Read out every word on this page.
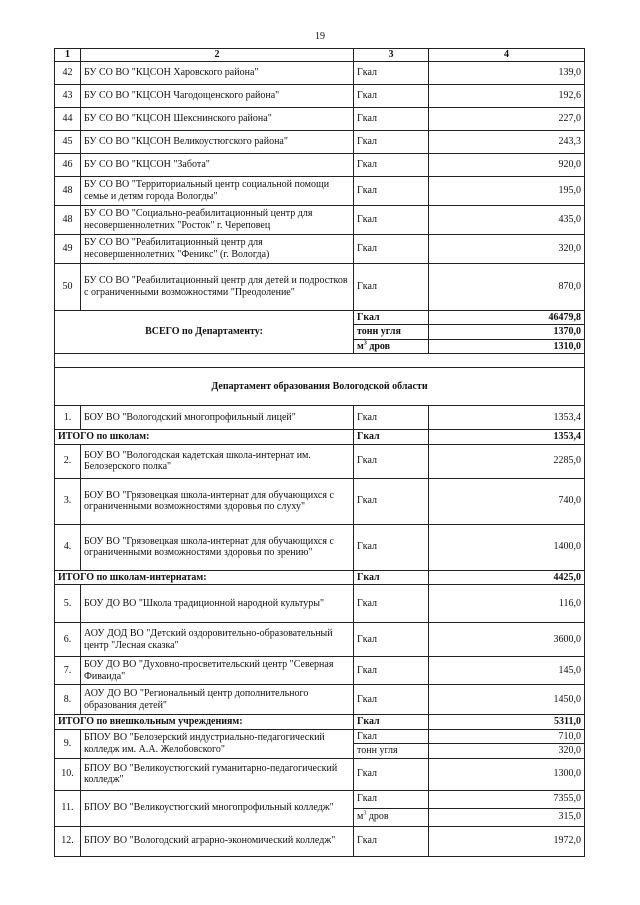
19
1	2	3	4
42	БУ СО ВО "КЦСОН Харовского района"	Гкал	139,0
43	БУ СО ВО "КЦСОН Чагодощенского района"	Гкал	192,6
44	БУ СО ВО "КЦСОН Шекснинского района"	Гкал	227,0
45	БУ СО ВО "КЦСОН Великоустюгского района"	Гкал	243,3
46	БУ СО ВО "КЦСОН "Забота"	Гкал	920,0
48	БУ СО ВО "Территориальный центр социальной помощи семье и детям города Вологды"	Гкал	195,0
48	БУ СО ВО "Социально-реабилитационный центр для несовершеннолетних "Росток" г. Череповец	Гкал	435,0
49	БУ СО ВО "Реабилитационный центр для несовершеннолетних "Феникс" (г. Вологда)	Гкал	320,0
50	БУ СО ВО "Реабилитационный центр для детей и подростков с ограниченными возможностями "Преодоление"	Гкал	870,0
ВСЕГО по Департаменту:		Гкал	46479,8
		тонн угля	1370,0
		$м^3$ дров	1310,0

Департамент образования Вологодской области			
1.	БОУ ВО "Вологодский многопрофильный лицей"	Гкал	1353,4
ИТОГО по школам:		Гкал	1353,4
2.	БОУ ВО "Вологодская кадетская школа-интернат им. Белозерского полка"	Гкал	2285,0
3.	БОУ ВО "Грязовецкая школа-интернат для обучающихся с ограниченными возможностями здоровья по слуху"	Гкал	740,0
4.	БОУ ВО "Грязовецкая школа-интернат для обучающихся с ограниченными возможностями здоровья по зрению"	Гкал	1400,0
ИТОГО по школам-интернатам:		Гкал	4425,0
5.	БОУ ДО ВО "Школа традиционной народной культуры"	Гкал	116,0
6.	АОУ ДОД ВО "Детский оздоровительно-образовательный центр "Лесная сказка"	Гкал	3600,0
7.	БОУ ДО ВО "Духовно-просветительский центр "Северная Фиваида"	Гкал	145,0
8.	АОУ ДО ВО "Региональный центр дополнительного образования детей"	Гкал	1450,0
ИТОГО по внешкольным учреждениям:		Гкал	5311,0
9.	БПОУ ВО "Белозерский индустриально-педагогический колледж им. А.А. Желобовского"	Гкал	710,0
		тонн угля	320,0
10.	БПОУ ВО "Великоустюгский гуманитарно-педагогический колледж"	Гкал	1300,0
11.	БПОУ ВО "Великоустюгский многопрофильный колледж"	Гкал	7355,0
		$м^3$ дров	315,0
12.	БПОУ ВО "Вологодский аграрно-экономический колледж"	Гкал	1972,0
